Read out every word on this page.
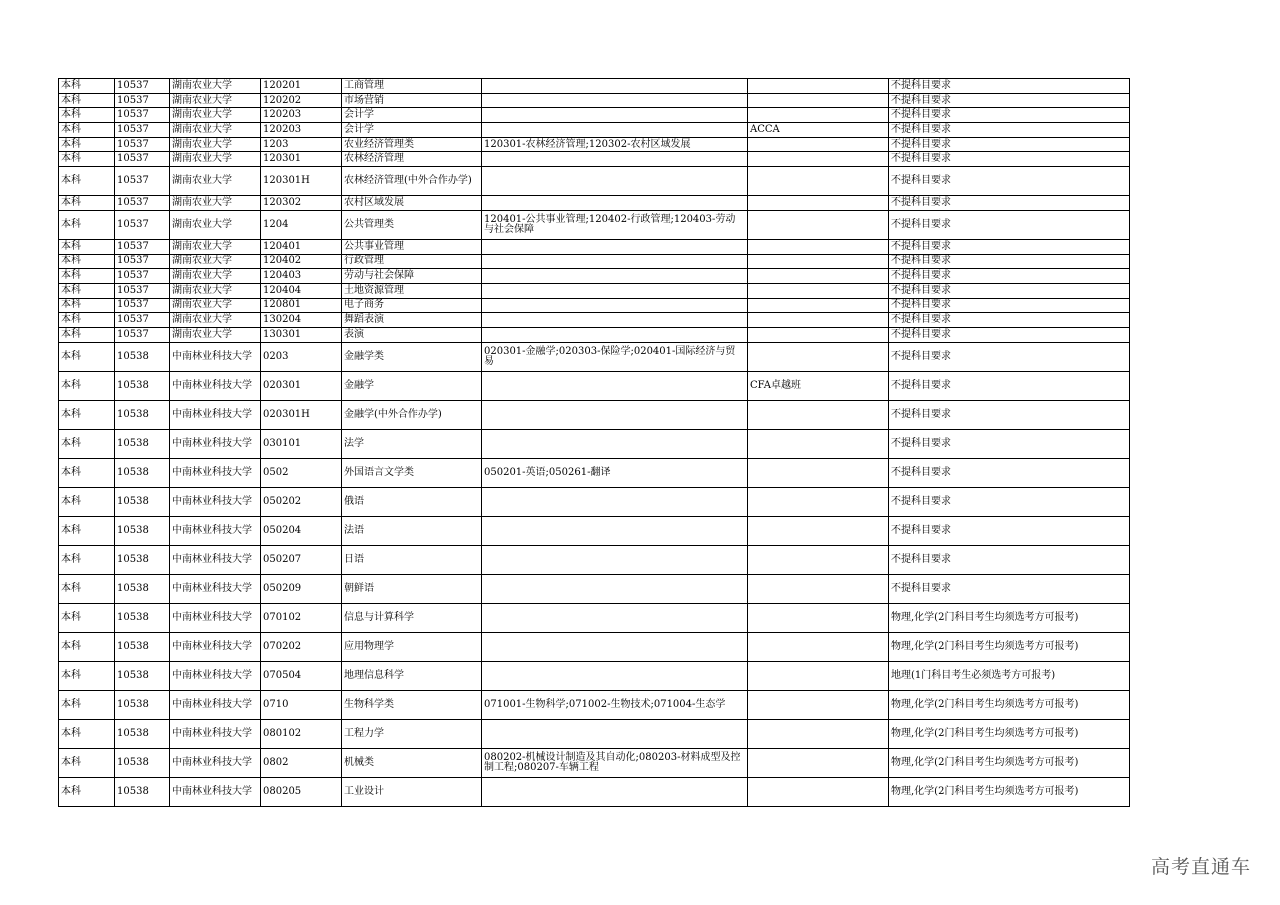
本科	10537	湖南农业大学	120201	工商管理			不提科目要求
本科	10537	湖南农业大学	120202	市场营销			不提科目要求
本科	10537	湖南农业大学	120203	会计学			不提科目要求
本科	10537	湖南农业大学	120203	会计学		ACCA	不提科目要求
本科	10537	湖南农业大学	1203	农业经济管理类	120301-农林经济管理;120302-农村区域发展		不提科目要求
本科	10537	湖南农业大学	120301	农林经济管理			不提科目要求
本科	10537	湖南农业大学	120301H	农林经济管理(中外合作办学)			不提科目要求
本科	10537	湖南农业大学	120302	农村区域发展			不提科目要求
本科	10537	湖南农业大学	1204	公共管理类	120401-公共事业管理;120402-行政管理;120403-劳动与社会保障		不提科目要求
本科	10537	湖南农业大学	120401	公共事业管理			不提科目要求
本科	10537	湖南农业大学	120402	行政管理			不提科目要求
本科	10537	湖南农业大学	120403	劳动与社会保障			不提科目要求
本科	10537	湖南农业大学	120404	土地资源管理			不提科目要求
本科	10537	湖南农业大学	120801	电子商务			不提科目要求
本科	10537	湖南农业大学	130204	舞蹈表演			不提科目要求
本科	10537	湖南农业大学	130301	表演			不提科目要求
本科	10538	中南林业科技大学	0203	金融学类	020301-金融学;020303-保险学;020401-国际经济与贸易		不提科目要求
本科	10538	中南林业科技大学	020301	金融学		CFA卓越班	不提科目要求
本科	10538	中南林业科技大学	020301H	金融学(中外合作办学)			不提科目要求
本科	10538	中南林业科技大学	030101	法学			不提科目要求
本科	10538	中南林业科技大学	0502	外国语言文学类	050201-英语;050261-翻译		不提科目要求
本科	10538	中南林业科技大学	050202	俄语			不提科目要求
本科	10538	中南林业科技大学	050204	法语			不提科目要求
本科	10538	中南林业科技大学	050207	日语			不提科目要求
本科	10538	中南林业科技大学	050209	朝鲜语			不提科目要求
本科	10538	中南林业科技大学	070102	信息与计算科学			物理,化学(2门科目考生均须选考方可报考)
本科	10538	中南林业科技大学	070202	应用物理学			物理,化学(2门科目考生均须选考方可报考)
本科	10538	中南林业科技大学	070504	地理信息科学			地理(1门科目考生必须选考方可报考)
本科	10538	中南林业科技大学	0710	生物科学类	071001-生物科学;071002-生物技术;071004-生态学		物理,化学(2门科目考生均须选考方可报考)
本科	10538	中南林业科技大学	080102	工程力学			物理,化学(2门科目考生均须选考方可报考)
本科	10538	中南林业科技大学	0802	机械类	080202-机械设计制造及其自动化;080203-材料成型及控制工程;080207-车辆工程		物理,化学(2门科目考生均须选考方可报考)
本科	10538	中南林业科技大学	080205	工业设计			物理,化学(2门科目考生均须选考方可报考)
高考直通车
